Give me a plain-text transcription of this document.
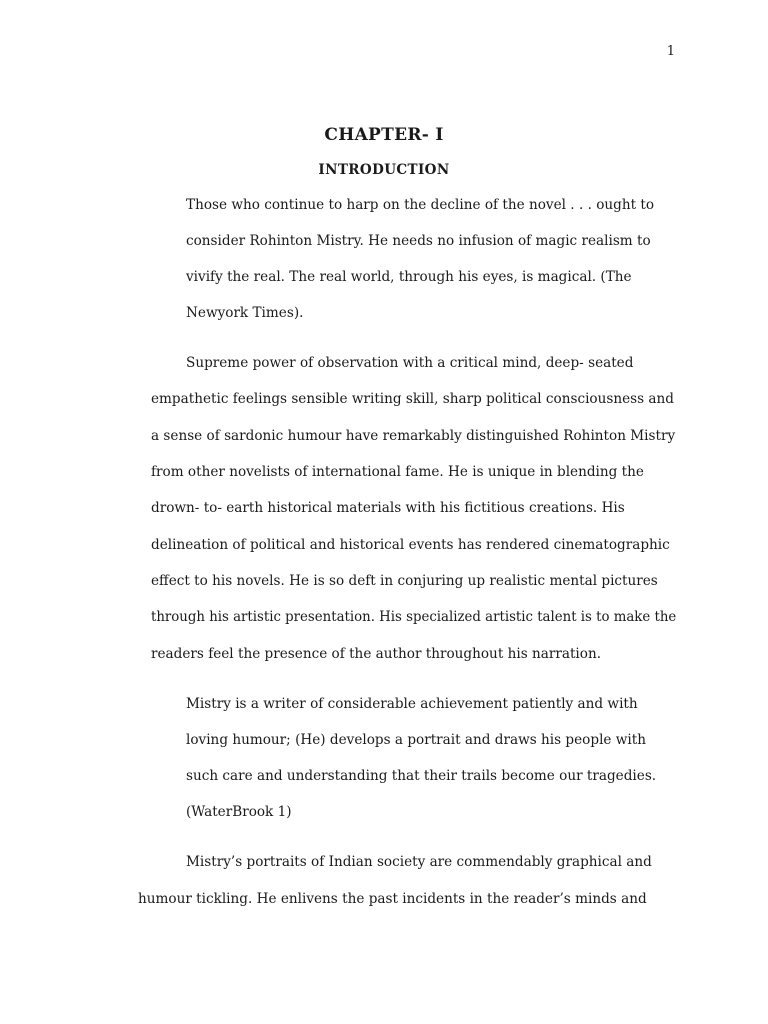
1
CHAPTER- I
INTRODUCTION
Those who continue to harp on the decline of the novel . . . ought to
consider Rohinton Mistry. He needs no infusion of magic realism to
vivify the real. The real world, through his eyes, is magical. (The
Newyork Times).
Supreme power of observation with a critical mind, deep- seated
empathetic feelings sensible writing skill, sharp political consciousness and
a sense of sardonic humour have remarkably distinguished Rohinton Mistry
from other novelists of international fame. He is unique in blending the
drown- to- earth historical materials with his fictitious creations. His
delineation of political and historical events has rendered cinematographic
effect to his novels. He is so deft in conjuring up realistic mental pictures
through his artistic presentation. His specialized artistic talent is to make the
readers feel the presence of the author throughout his narration.
Mistry is a writer of considerable achievement patiently and with
loving humour; (He) develops a portrait and draws his people with
such care and understanding that their trails become our tragedies.
(WaterBrook 1)
Mistry’s portraits of Indian society are commendably graphical and
humour tickling. He enlivens the past incidents in the reader’s minds and
